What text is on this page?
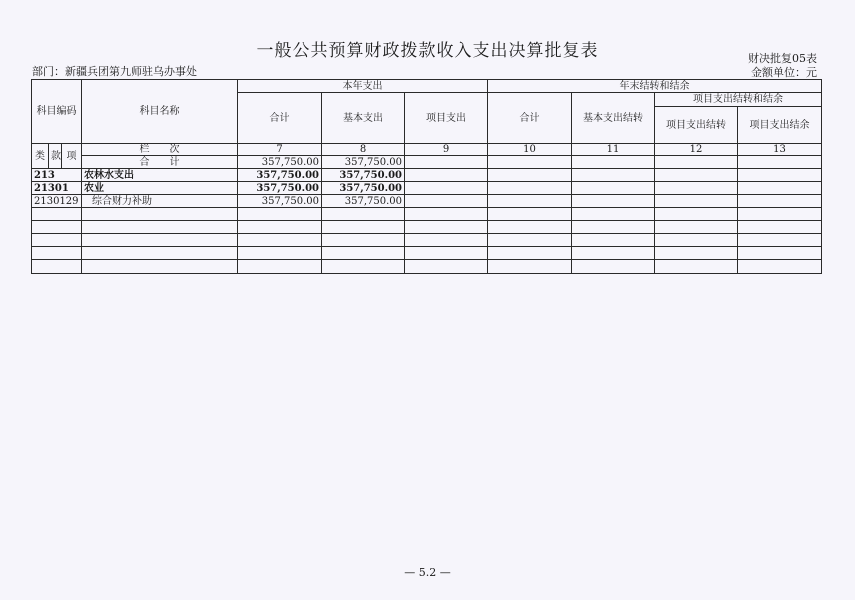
一般公共预算财政拨款收入支出决算批复表	财决批复05表
金额单位：元
部门：新疆兵团第九师驻乌办事处
科目编码			科目名称	本年支出			年末结转和结余			
				合计	基本支出	项目支出	合计	基本支出结转	项目支出结转和结余	
									项目支出结转	项目支出结余
类	款	项	栏　　次	7	8	9	10	11	12	13
			合　　计	357,750.00	357,750.00					
213			农林水支出	357,750.00	357,750.00					
21301			农业	357,750.00	357,750.00					
2130129			综合财力补助	357,750.00	357,750.00					

— 5.2 —
